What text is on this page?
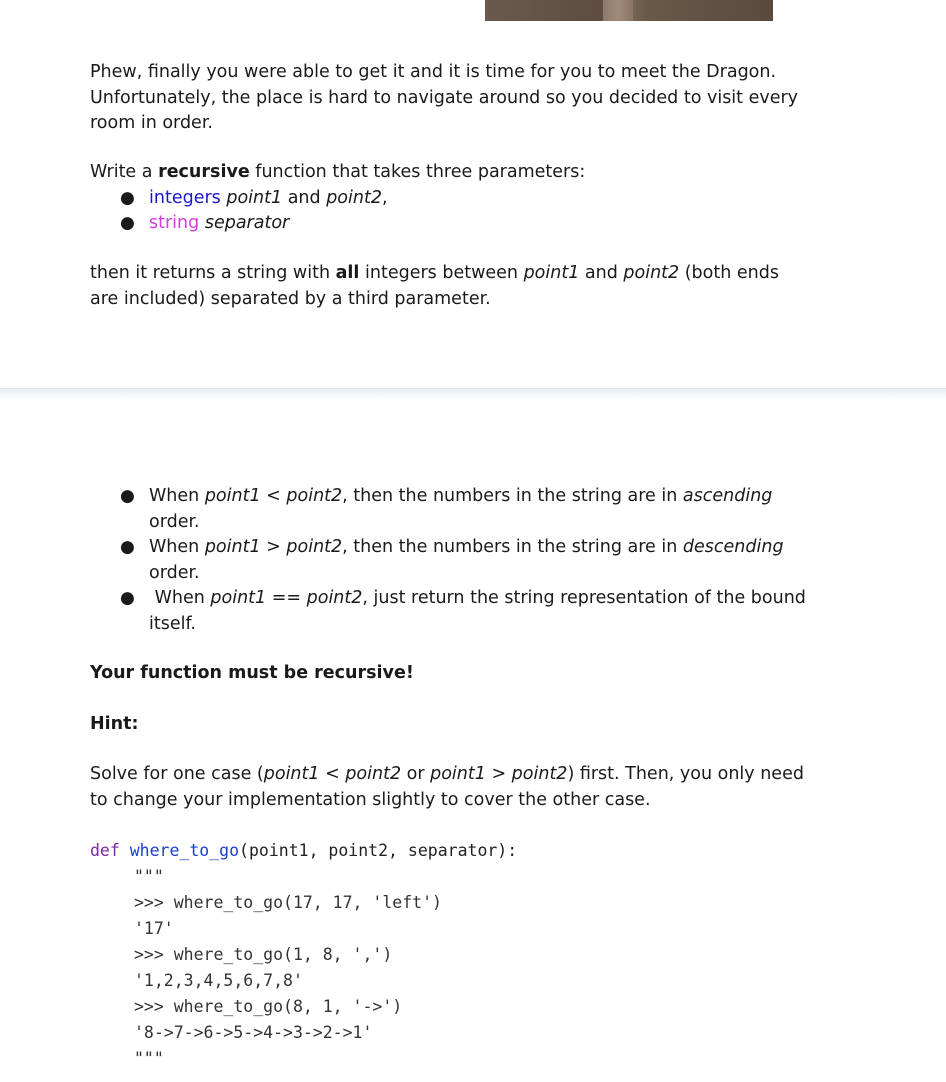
Phew, finally you were able to get it and it is time for you to meet the Dragon.

Unfortunately, the place is hard to navigate around so you decided to visit every

room in order.

Write a recursive function that takes three parameters:

● integers point1 and point2,
● string separator

then it returns a string with all integers between point1 and point2 (both ends

are included) separated by a third parameter.

● When point1 < point2, then the numbers in the string are in ascending
order.
● When point1 > point2, then the numbers in the string are in descending
order.
● When point1 == point2, just return the string representation of the bound
itself.

Your function must be recursive!

Hint:

Solve for one case (point1 < point2 or point1 > point2) first. Then, you only need

to change your implementation slightly to cover the other case.

def where_to_go(point1, point2, separator):
"""
>>> where_to_go(17, 17, 'left')
'17'
>>> where_to_go(1, 8, ',')
'1,2,3,4,5,6,7,8'
>>> where_to_go(8, 1, '->')
'8->7->6->5->4->3->2->1'
"""
